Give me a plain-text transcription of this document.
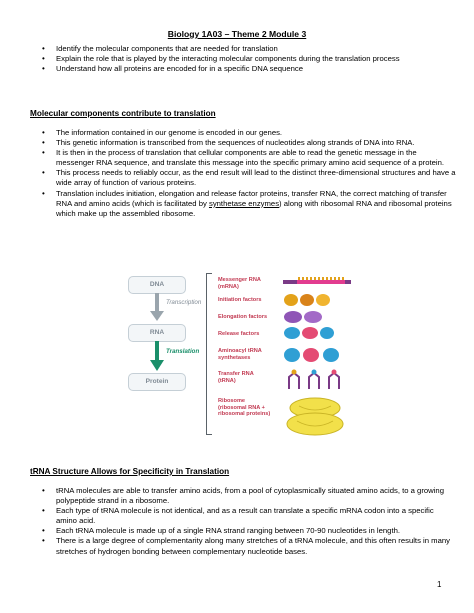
Biology 1A03 – Theme 2 Module 3
• Identify the molecular components that are needed for translation
• Explain the role that is played by the interacting molecular components during the translation process
• Understand how all proteins are encoded for in a specific DNA sequence
Molecular components contribute to translation
• The information contained in our genome is encoded in our genes.
• This genetic information is transcribed from the sequences of nucleotides along strands of DNA into RNA.
• It is then in the process of translation that cellular components are able to read the genetic message in the messenger RNA sequence, and translate this message into the specific primary amino acid sequence of a protein.
• This process needs to reliably occur, as the end result will lead to the distinct three-dimensional structures and have a wide array of function of various proteins.
• Translation includes initiation, elongation and release factor proteins, transfer RNA, the correct matching of transfer RNA and amino acids (which is facilitated by synthetase enzymes) along with ribosomal RNA and ribosomal proteins which make up the assembled ribosome.
DNA
Transcription
RNA
Translation
Protein
Messenger RNA (mRNA)
Initiation factors
Elongation factors
Release factors
Aminoacyl tRNA synthetases
Transfer RNA (tRNA)
Ribosome (ribosomal RNA + ribosomal proteins)
tRNA Structure Allows for Specificity in Translation
• tRNA molecules are able to transfer amino acids, from a pool of cytoplasmically situated amino acids, to a growing polypeptide strand in a ribosome.
• Each type of tRNA molecule is not identical, and as a result can translate a specific mRNA codon into a specific amino acid.
• Each tRNA molecule is made up of a single RNA strand ranging between 70-90 nucleotides in length.
• There is a large degree of complementarity along many stretches of a tRNA molecule, and this often results in many stretches of hydrogen bonding between complementary nucleotide bases.
1
